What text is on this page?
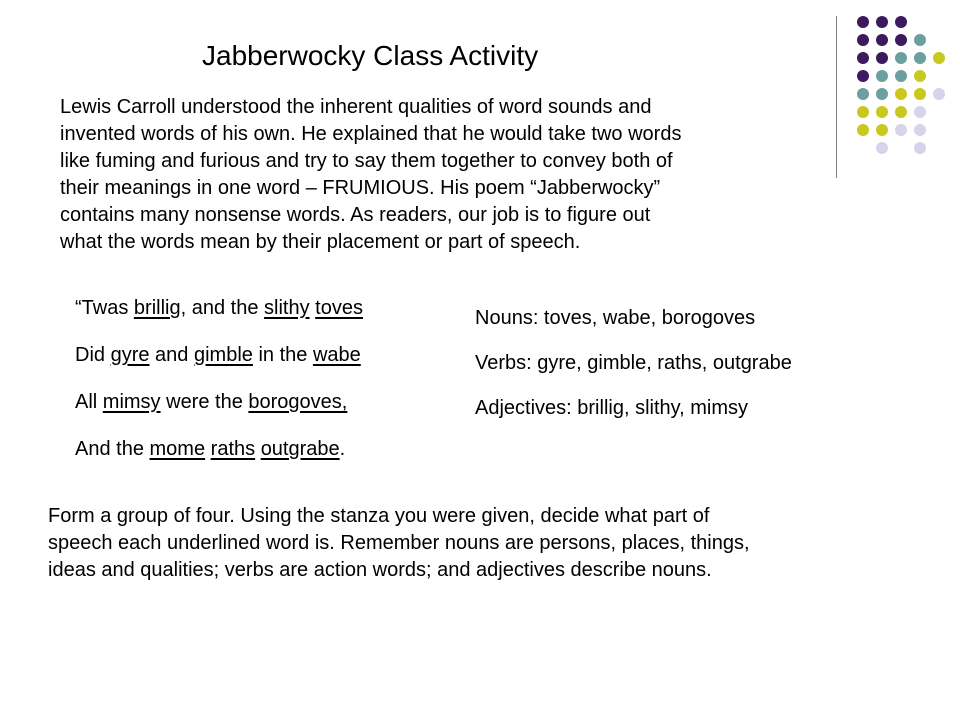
Jabberwocky Class Activity
Lewis Carroll understood the inherent qualities of word sounds and
invented words of his own. He explained that he would take two words
like fuming and furious and try to say them together to convey both of
their meanings in one word – FRUMIOUS. His poem “Jabberwocky”
contains many nonsense words. As readers, our job is to figure out
what the words mean by their placement or part of speech.
“Twas brillig, and the slithy toves
Did gyre and gimble in the wabe
All mimsy were the borogoves,
And the mome raths outgrabe.
Nouns: toves, wabe, borogoves
Verbs: gyre, gimble, raths, outgrabe
Adjectives: brillig, slithy, mimsy
Form a group of four. Using the stanza you were given, decide what part of
speech each underlined word is. Remember nouns are persons, places, things,
ideas and qualities; verbs are action words; and adjectives describe nouns.
